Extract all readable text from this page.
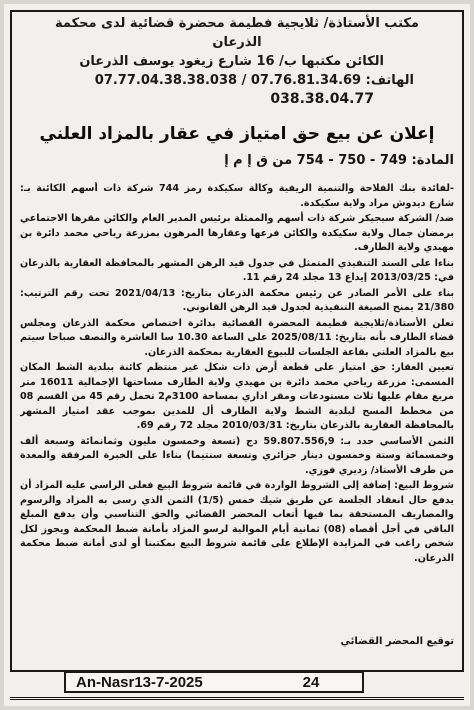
مكتب الأستاذة/ ثلايجية فطيمة محضرة قضائية لدى محكمة
الذرعان
الكائن مكتبها ب/ 16 شارع زيغود يوسف الذرعان
الهاتف: 07.76.81.34.69 / 07.77.04.38.38.038
038.38.04.77
إعلان عن بيع حق امتياز في عقار بالمزاد العلني
المادة: 749 - 750 - 754 من ق إ م إ

-لفائدة بنك الفلاحة والتنمية الريفية وكالة سكيكدة رمز 744 شركة ذات أسهم الكائنة بـ: شارع ديدوش مراد ولاية سكيكدة.

ضد/ الشركة سيجيكر شركة ذات أسهم والممثلة برئيس المدير العام والكائن مقرها الاجتماعي برمضان جمال ولاية سكيكدة والكائن فرعها وعقارها المرهون بمزرعة رياحي محمد دائرة بن مهيدي ولاية الطارف.

بناءا على السند التنفيذي المتمثل في جدول قيد الرهن المشهر بالمحافظة العقارية بالذرعان في: 2013/03/25 إيداع 13 مجلد 24 رقم 11.

بناء على الأمر الصادر عن رئيس محكمة الذرعان بتاريخ: 2021/04/13 تحت رقم الترتيب: 21/380 يمنح الصيغة التنفيذية لجدول قيد الرهن القانوني.

تعلن الأستاذة/ثلايجية فطيمة المحضرة القضائية بدائرة اختصاص محكمة الذرعان ومجلس قضاء الطارف بأنه بتاريخ: 2025/08/11 على الساعة 10.30 سا العاشرة والنصف صباحا سيتم بيع بالمزاد العلني بقاعة الجلسات للبيوع العقارية بمحكمة الذرعان.

تعيين العقار: حق امتياز على قطعة أرض ذات شكل غير منتظم كائنة ببلدية الشط المكان المسمى: مزرعة رياحي محمد دائرة بن مهيدي ولاية الطارف مساحتها الإجمالية 16011 متر مربع مقام عليها ثلاث مستودعات ومقر اداري بمساحة 3100م2 تحمل رقم 45 من القسم 08 من مخطط المسح لبلدية الشط ولاية الطارف أل للمدين بموجب عقد امتياز المشهر بالمحافظة العقارية بالذرعان بتاريخ: 2010/03/31 مجلد 72 رقم 69.

الثمن الأساسي حدد بـ: 59.807.556,9 دج (تسعة وخمسون مليون وثمانمائة وسبعة ألف وخمسمائة وستة وخمسون دينار جزائري وتسعة سنتيما) بناءا على الخبرة المرفقة والمعدة من طرف الأستاذ/ زديري فوزي.

شروط البيع: إضافة إلى الشروط الواردة في قائمة شروط البيع فعلى الراسي عليه المزاد أن يدفع حال انعقاد الجلسة عن طريق شيك خمس (1/5) الثمن الذي رسى به المزاد والرسوم والمصاريف المستحقة بما فيها أتعاب المحضر القضائي والحق التناسبي وأن يدفع المبلغ الباقي في أجل أقصاه (08) ثمانية أيام الموالية لرسو المزاد بأمانة ضبط المحكمة ويجوز لكل شخص راغب في المزايدة الإطلاع على قائمة شروط البيع بمكتبنا أو لدى أمانة ضبط محكمة الذرعان.

توقيع المحضر القضائي
An-Nasr13-7-2025	24
